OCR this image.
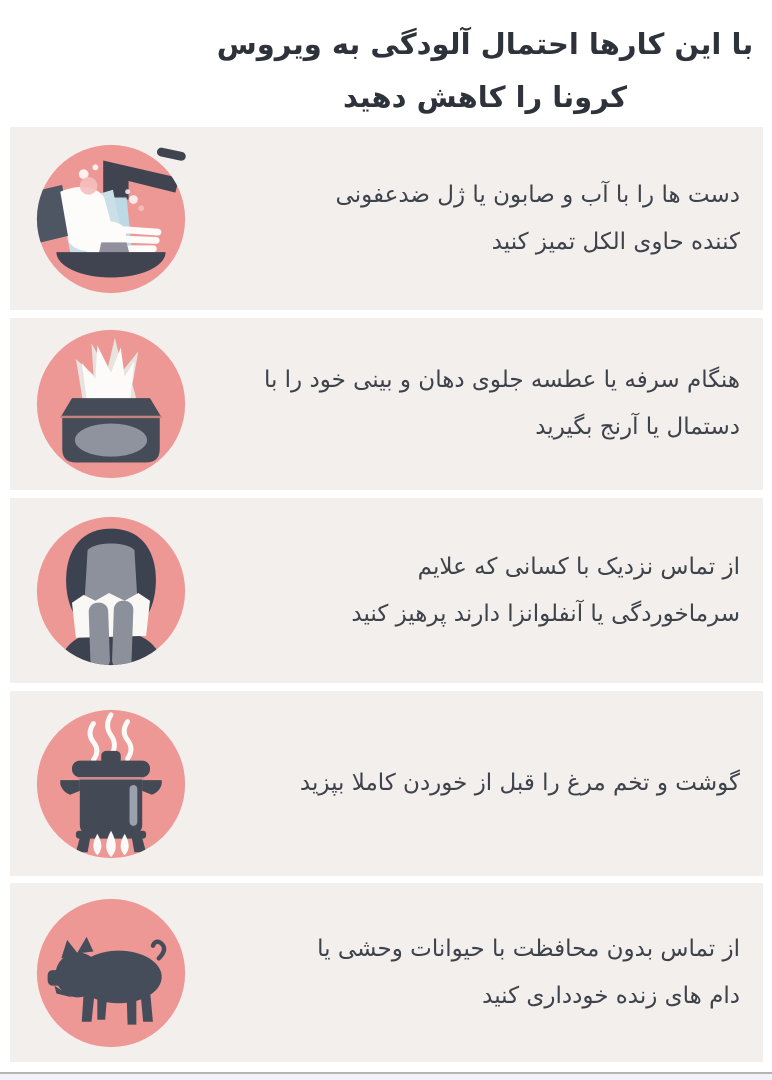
با این کارها احتمال آلودگی به ویروس
کرونا را کاهش دهید
دست ها را با آب و صابون یا ژل ضدعفونی
کننده حاوی الکل تمیز کنید
هنگام سرفه یا عطسه جلوی دهان و بینی خود را با
دستمال یا آرنج بگیرید
از تماس نزدیک با کسانی که علایم
سرماخوردگی یا آنفلوانزا دارند پرهیز کنید
گوشت و تخم مرغ را قبل از خوردن کاملا بپزید
از تماس بدون محافظت با حیوانات وحشی یا
دام های زنده خودداری کنید
